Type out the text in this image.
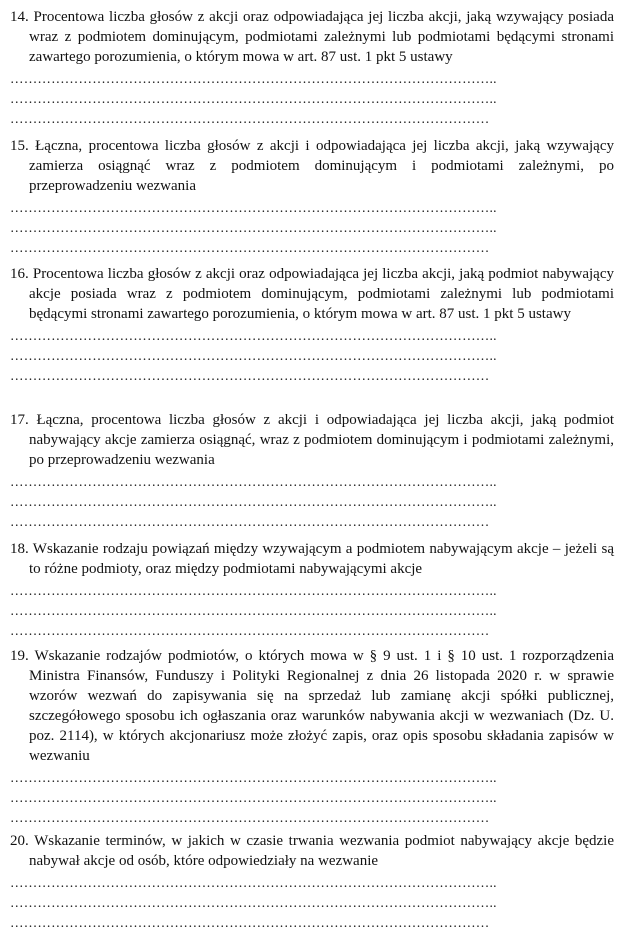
14. Procentowa liczba głosów z akcji oraz odpowiadająca jej liczba akcji, jaką wzywający posiada wraz z podmiotem dominującym, podmiotami zależnymi lub podmiotami będącymi stronami zawartego porozumienia, o którym mowa w art. 87 ust. 1 pkt 5 ustawy

……………………………………………………………………………………………..
……………………………………………………………………………………………..
……………………………………………………………………………………………

15. Łączna, procentowa liczba głosów z akcji i odpowiadająca jej liczba akcji, jaką wzywający zamierza osiągnąć wraz z podmiotem dominującym i podmiotami zależnymi, po przeprowadzeniu wezwania

……………………………………………………………………………………………..
……………………………………………………………………………………………..
……………………………………………………………………………………………

16. Procentowa liczba głosów z akcji oraz odpowiadająca jej liczba akcji, jaką podmiot nabywający akcje posiada wraz z podmiotem dominującym, podmiotami zależnymi lub podmiotami będącymi stronami zawartego porozumienia, o którym mowa w art. 87 ust. 1 pkt 5 ustawy

……………………………………………………………………………………………..
……………………………………………………………………………………………..
……………………………………………………………………………………………

17. Łączna, procentowa liczba głosów z akcji i odpowiadająca jej liczba akcji, jaką podmiot nabywający akcje zamierza osiągnąć, wraz z podmiotem dominującym i podmiotami zależnymi, po przeprowadzeniu wezwania

……………………………………………………………………………………………..
……………………………………………………………………………………………..
……………………………………………………………………………………………

18. Wskazanie rodzaju powiązań między wzywającym a podmiotem nabywającym akcje – jeżeli są to różne podmioty, oraz między podmiotami nabywającymi akcje

……………………………………………………………………………………………..
……………………………………………………………………………………………..
……………………………………………………………………………………………

19. Wskazanie rodzajów podmiotów, o których mowa w § 9 ust. 1 i § 10 ust. 1 rozporządzenia Ministra Finansów, Funduszy i Polityki Regionalnej z dnia 26 listopada 2020 r. w sprawie wzorów wezwań do zapisywania się na sprzedaż lub zamianę akcji spółki publicznej, szczegółowego sposobu ich ogłaszania oraz warunków nabywania akcji w wezwaniach (Dz. U. poz. 2114), w których akcjonariusz może złożyć zapis, oraz opis sposobu składania zapisów w wezwaniu

……………………………………………………………………………………………..
……………………………………………………………………………………………..
……………………………………………………………………………………………

20. Wskazanie terminów, w jakich w czasie trwania wezwania podmiot nabywający akcje będzie nabywał akcje od osób, które odpowiedziały na wezwanie

……………………………………………………………………………………………..
……………………………………………………………………………………………..
……………………………………………………………………………………………
